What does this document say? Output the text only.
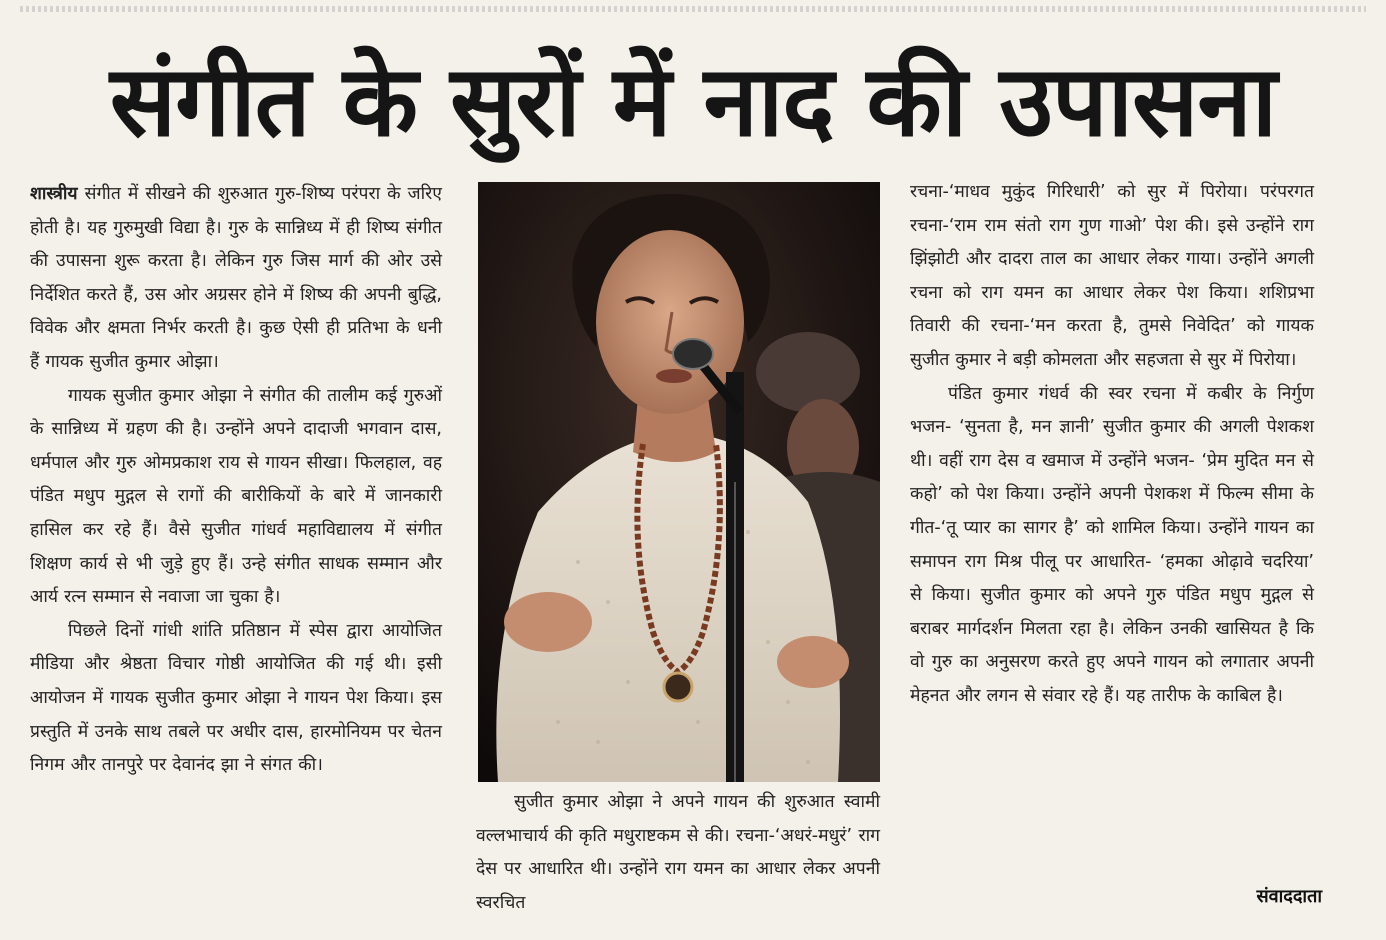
संगीत के सुरों में नाद की उपासना

शास्त्रीय संगीत में सीखने की शुरुआत गुरु-शिष्य परंपरा के जरिए होती है। यह गुरुमुखी विद्या है। गुरु के सान्निध्य में ही शिष्य संगीत की उपासना शुरू करता है। लेकिन गुरु जिस मार्ग की ओर उसे निर्देशित करते हैं, उस ओर अग्रसर होने में शिष्य की अपनी बुद्धि, विवेक और क्षमता निर्भर करती है। कुछ ऐसी ही प्रतिभा के धनी हैं गायक सुजीत कुमार ओझा।

गायक सुजीत कुमार ओझा ने संगीत की तालीम कई गुरुओं के सान्निध्य में ग्रहण की है। उन्होंने अपने दादाजी भगवान दास, धर्मपाल और गुरु ओमप्रकाश राय से गायन सीखा। फिलहाल, वह पंडित मधुप मुद्गल से रागों की बारीकियों के बारे में जानकारी हासिल कर रहे हैं। वैसे सुजीत गांधर्व महाविद्यालय में संगीत शिक्षण कार्य से भी जुड़े हुए हैं। उन्हे संगीत साधक सम्मान और आर्य रत्न सम्मान से नवाजा जा चुका है।

पिछले दिनों गांधी शांति प्रतिष्ठान में स्पेस द्वारा आयोजित मीडिया और श्रेष्ठता विचार गोष्ठी आयोजित की गई थी। इसी आयोजन में गायक सुजीत कुमार ओझा ने गायन पेश किया। इस प्रस्तुति में उनके साथ तबले पर अधीर दास, हारमोनियम पर चेतन निगम और तानपुरे पर देवानंद झा ने संगत की।

सुजीत कुमार ओझा ने अपने गायन की शुरुआत स्वामी वल्लभाचार्य की कृति मधुराष्टकम से की। रचना-‘अधरं-मधुरं’ राग देस पर आधारित थी। उन्होंने राग यमन का आधार लेकर अपनी स्वरचित

रचना-‘माधव मुकुंद गिरिधारी’ को सुर में पिरोया। परंपरगत रचना-‘राम राम संतो राग गुण गाओ’ पेश की। इसे उन्होंने राग झिंझोटी और दादरा ताल का आधार लेकर गाया। उन्होंने अगली रचना को राग यमन का आधार लेकर पेश किया। शशिप्रभा तिवारी की रचना-‘मन करता है, तुमसे निवेदित’ को गायक सुजीत कुमार ने बड़ी कोमलता और सहजता से सुर में पिरोया।

पंडित कुमार गंधर्व की स्वर रचना में कबीर के निर्गुण भजन- ‘सुनता है, मन ज्ञानी’ सुजीत कुमार की अगली पेशकश थी। वहीं राग देस व खमाज में उन्होंने भजन- ‘प्रेम मुदित मन से कहो’ को पेश किया। उन्होंने अपनी पेशकश में फिल्म सीमा के गीत-‘तू प्यार का सागर है’ को शामिल किया। उन्होंने गायन का समापन राग मिश्र पीलू पर आधारित- ‘हमका ओढ़ावे चदरिया’ से किया। सुजीत कुमार को अपने गुरु पंडित मधुप मुद्गल से बराबर मार्गदर्शन मिलता रहा है। लेकिन उनकी खासियत है कि वो गुरु का अनुसरण करते हुए अपने गायन को लगातार अपनी मेहनत और लगन से संवार रहे हैं। यह तारीफ के काबिल है।

संवाददाता
